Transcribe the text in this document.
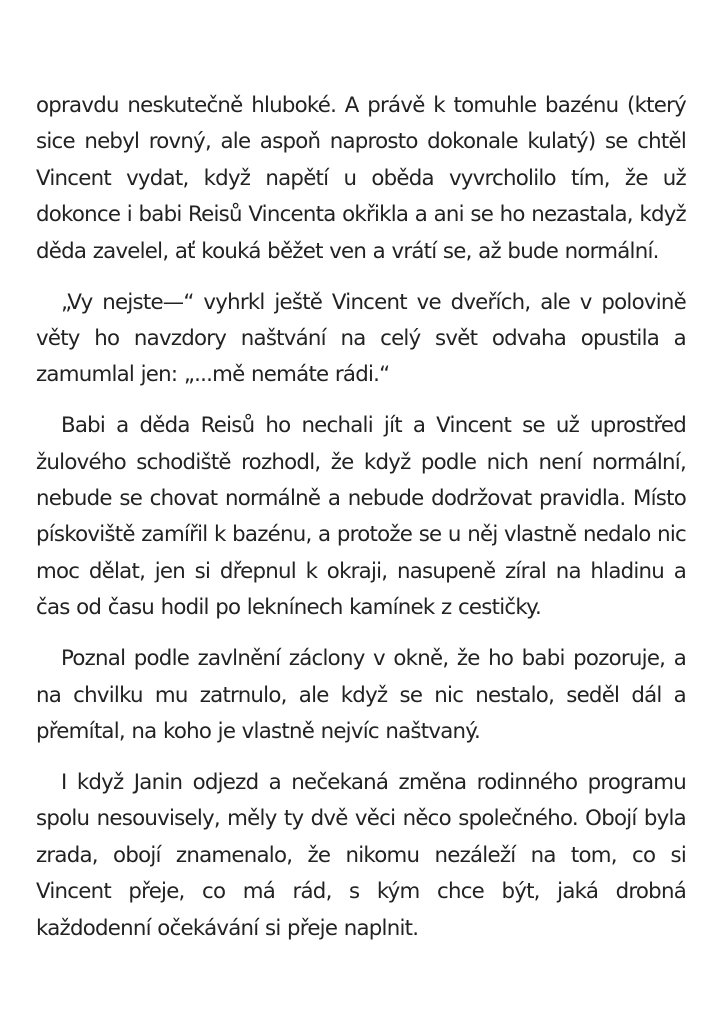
opravdu neskutečně hluboké. A právě k tomuhle bazénu (který sice nebyl rovný, ale aspoň naprosto dokonale kulatý) se chtěl Vincent vydat, když napětí u oběda vyvrcholilo tím, že už dokonce i babi Reisů Vincenta okřikla a ani se ho nezastala, když děda zavelel, ať kouká běžet ven a vrátí se, až bude normální.

„Vy nejste—“ vyhrkl ještě Vincent ve dveřích, ale v polovině věty ho navzdory naštvání na celý svět odvaha opustila a zamumlal jen: „...mě nemáte rádi.“

Babi a děda Reisů ho nechali jít a Vincent se už uprostřed žulového schodiště rozhodl, že když podle nich není normální, nebude se chovat normálně a nebude dodržovat pravidla. Místo pískoviště zamířil k bazénu, a protože se u něj vlastně nedalo nic moc dělat, jen si dřepnul k okraji, nasupeně zíral na hladinu a čas od času hodil po leknínech kamínek z cestičky.

Poznal podle zavlnění záclony v okně, že ho babi pozoruje, a na chvilku mu zatrnulo, ale když se nic nestalo, seděl dál a přemítal, na koho je vlastně nejvíc naštvaný.

I když Janin odjezd a nečekaná změna rodinného programu spolu nesouvisely, měly ty dvě věci něco společného. Obojí byla zrada, obojí znamenalo, že nikomu nezáleží na tom, co si Vincent přeje, co má rád, s kým chce být, jaká drobná každodenní očekávání si přeje naplnit.
